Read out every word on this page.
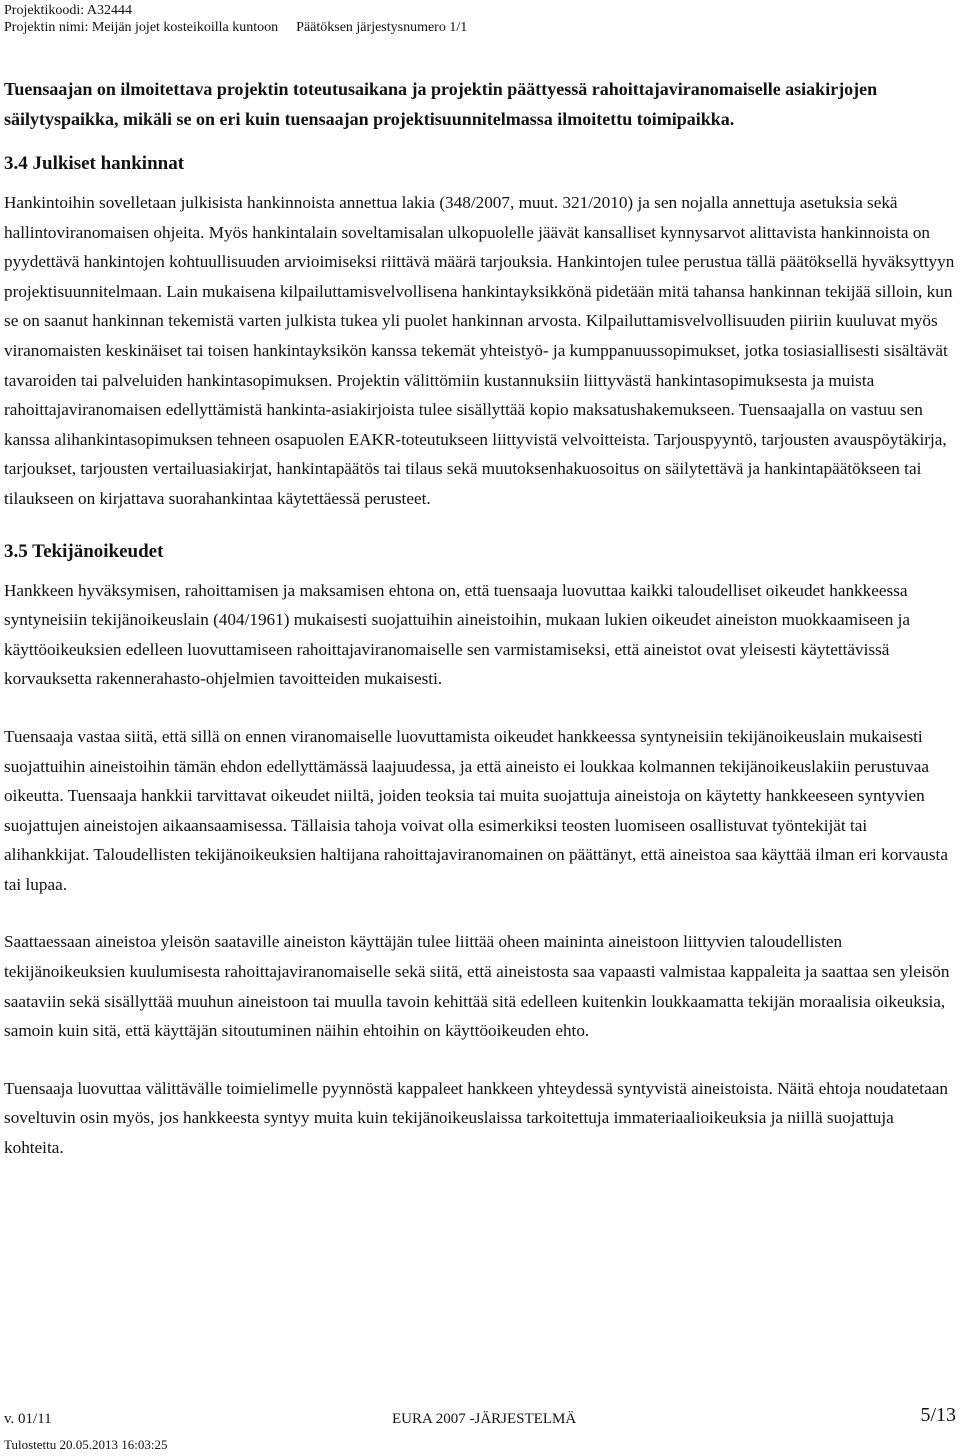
Projektikoodi: A32444
Projektin nimi: Meijän jojet kosteikoilla kuntoon Päätöksen järjestysnumero 1/1

Tuensaajan on ilmoitettava projektin toteutusaikana ja projektin päättyessä rahoittajaviranomaiselle asiakirjojen säilytyspaikka, mikäli se on eri kuin tuensaajan projektisuunnitelmassa ilmoitettu toimipaikka.

3.4 Julkiset hankinnat

Hankintoihin sovelletaan julkisista hankinnoista annettua lakia (348/2007, muut. 321/2010) ja sen nojalla annettuja asetuksia sekä hallintoviranomaisen ohjeita. Myös hankintalain soveltamisalan ulkopuolelle jäävät kansalliset kynnysarvot alittavista hankinnoista on pyydettävä hankintojen kohtuullisuuden arvioimiseksi riittävä määrä tarjouksia. Hankintojen tulee perustua tällä päätöksellä hyväksyttyyn projektisuunnitelmaan. Lain mukaisena kilpailuttamisvelvollisena hankintayksikkönä pidetään mitä tahansa hankinnan tekijää silloin, kun se on saanut hankinnan tekemistä varten julkista tukea yli puolet hankinnan arvosta. Kilpailuttamisvelvollisuuden piiriin kuuluvat myös viranomaisten keskinäiset tai toisen hankintayksikön kanssa tekemät yhteistyö- ja kumppanuussopimukset, jotka tosiasiallisesti sisältävät tavaroiden tai palveluiden hankintasopimuksen. Projektin välittömiin kustannuksiin liittyvästä hankintasopimuksesta ja muista rahoittajaviranomaisen edellyttämistä hankinta-asiakirjoista tulee sisällyttää kopio maksatushakemukseen. Tuensaajalla on vastuu sen kanssa alihankintasopimuksen tehneen osapuolen EAKR-toteutukseen liittyvistä velvoitteista. Tarjouspyyntö, tarjousten avauspöytäkirja, tarjoukset, tarjousten vertailuasiakirjat, hankintapäätös tai tilaus sekä muutoksenhakuosoitus on säilytettävä ja hankintapäätökseen tai tilaukseen on kirjattava suorahankintaa käytettäessä perusteet.

3.5 Tekijänoikeudet

Hankkeen hyväksymisen, rahoittamisen ja maksamisen ehtona on, että tuensaaja luovuttaa kaikki taloudelliset oikeudet hankkeessa syntyneisiin tekijänoikeuslain (404/1961) mukaisesti suojattuihin aineistoihin, mukaan lukien oikeudet aineiston muokkaamiseen ja käyttöoikeuksien edelleen luovuttamiseen rahoittajaviranomaiselle sen varmistamiseksi, että aineistot ovat yleisesti käytettävissä korvauksetta rakennerahasto-ohjelmien tavoitteiden mukaisesti.

Tuensaaja vastaa siitä, että sillä on ennen viranomaiselle luovuttamista oikeudet hankkeessa syntyneisiin tekijänoikeuslain mukaisesti suojattuihin aineistoihin tämän ehdon edellyttämässä laajuudessa, ja että aineisto ei loukkaa kolmannen tekijänoikeuslakiin perustuvaa oikeutta. Tuensaaja hankkii tarvittavat oikeudet niiltä, joiden teoksia tai muita suojattuja aineistoja on käytetty hankkeeseen syntyvien suojattujen aineistojen aikaansaamisessa. Tällaisia tahoja voivat olla esimerkiksi teosten luomiseen osallistuvat työntekijät tai alihankkijat. Taloudellisten tekijänoikeuksien haltijana rahoittajaviranomainen on päättänyt, että aineistoa saa käyttää ilman eri korvausta tai lupaa.

Saattaessaan aineistoa yleisön saataville aineiston käyttäjän tulee liittää oheen maininta aineistoon liittyvien taloudellisten tekijänoikeuksien kuulumisesta rahoittajaviranomaiselle sekä siitä, että aineistosta saa vapaasti valmistaa kappaleita ja saattaa sen yleisön saataviin sekä sisällyttää muuhun aineistoon tai muulla tavoin kehittää sitä edelleen kuitenkin loukkaamatta tekijän moraalisia oikeuksia, samoin kuin sitä, että käyttäjän sitoutuminen näihin ehtoihin on käyttöoikeuden ehto.

Tuensaaja luovuttaa välittävälle toimielimelle pyynnöstä kappaleet hankkeen yhteydessä syntyvistä aineistoista. Näitä ehtoja noudatetaan soveltuvin osin myös, jos hankkeesta syntyy muita kuin tekijänoikeuslaissa tarkoitettuja immateriaalioikeuksia ja niillä suojattuja kohteita.

v. 01/11	EURA 2007 -JÄRJESTELMÄ	5/13
Tulostettu 20.05.2013 16:03:25
